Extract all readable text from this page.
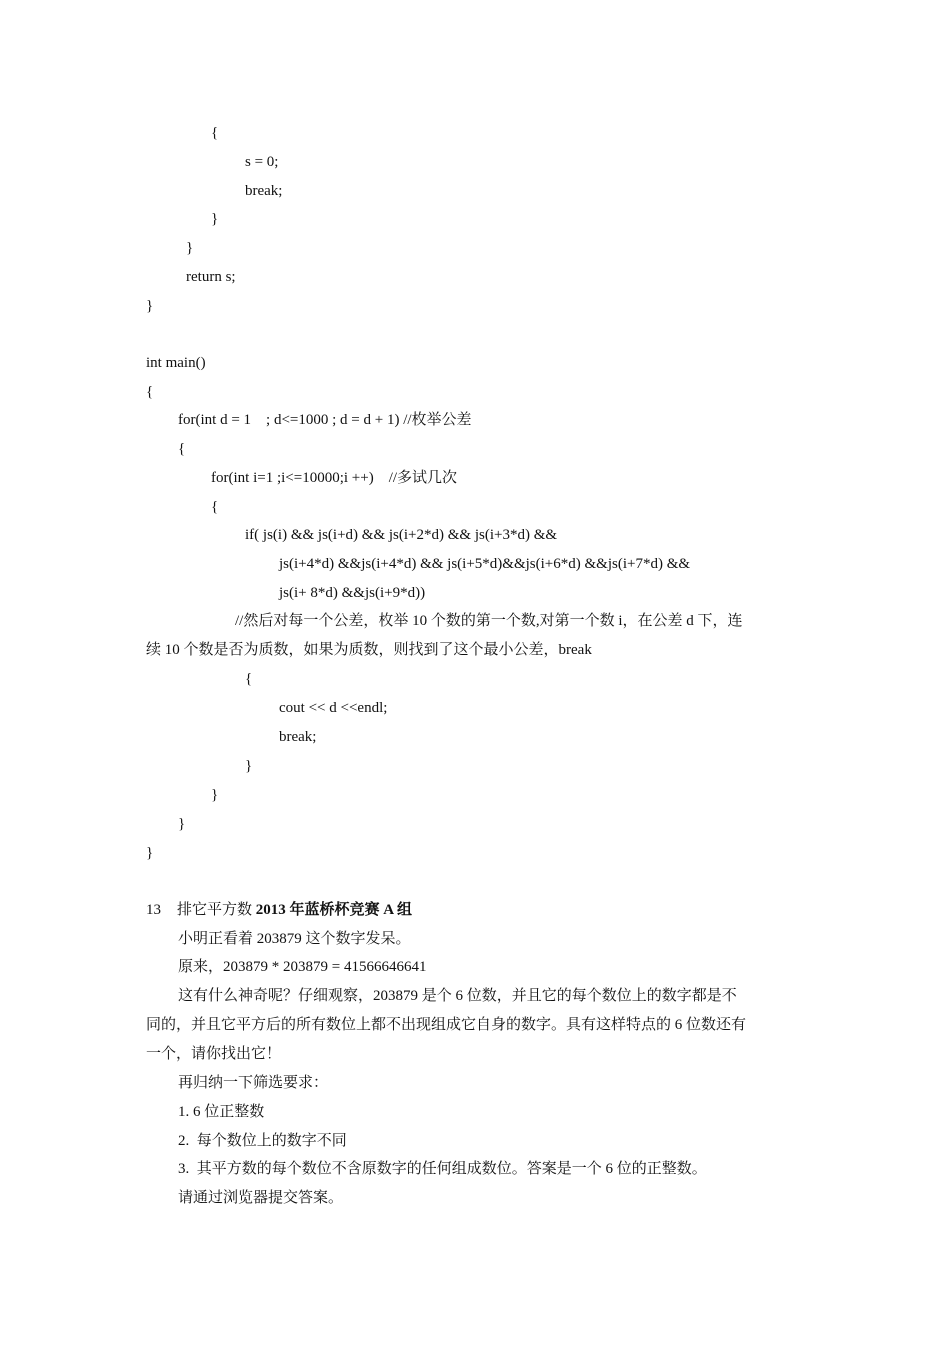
{
s = 0;
break;
}
}
return s;
}
int main()
{
for(int d = 1    ; d<=1000 ; d = d + 1) //枚举公差
{
for(int i=1 ;i<=10000;i ++)    //多试几次
{
if( js(i) && js(i+d) && js(i+2*d) && js(i+3*d) &&
js(i+4*d) &&js(i+4*d) && js(i+5*d)&&js(i+6*d) &&js(i+7*d) &&
js(i+ 8*d) &&js(i+9*d))
//然后对每一个公差，枚举 10 个数的第一个数,对第一个数 i，在公差 d 下，连
续 10 个数是否为质数，如果为质数，则找到了这个最小公差，break
{
cout << d <<endl;
break;
}
}
}
}
13 排它平方数 2013 年蓝桥杯竞赛 A 组
小明正看着 203879 这个数字发呆。
原来，203879 * 203879 = 41566646641
这有什么神奇呢？仔细观察，203879 是个 6 位数，并且它的每个数位上的数字都是不
同的，并且它平方后的所有数位上都不出现组成它自身的数字。具有这样特点的 6 位数还有
一个，请你找出它！
再归纳一下筛选要求：
1. 6 位正整数
2.  每个数位上的数字不同
3.  其平方数的每个数位不含原数字的任何组成数位。答案是一个 6 位的正整数。
请通过浏览器提交答案。
